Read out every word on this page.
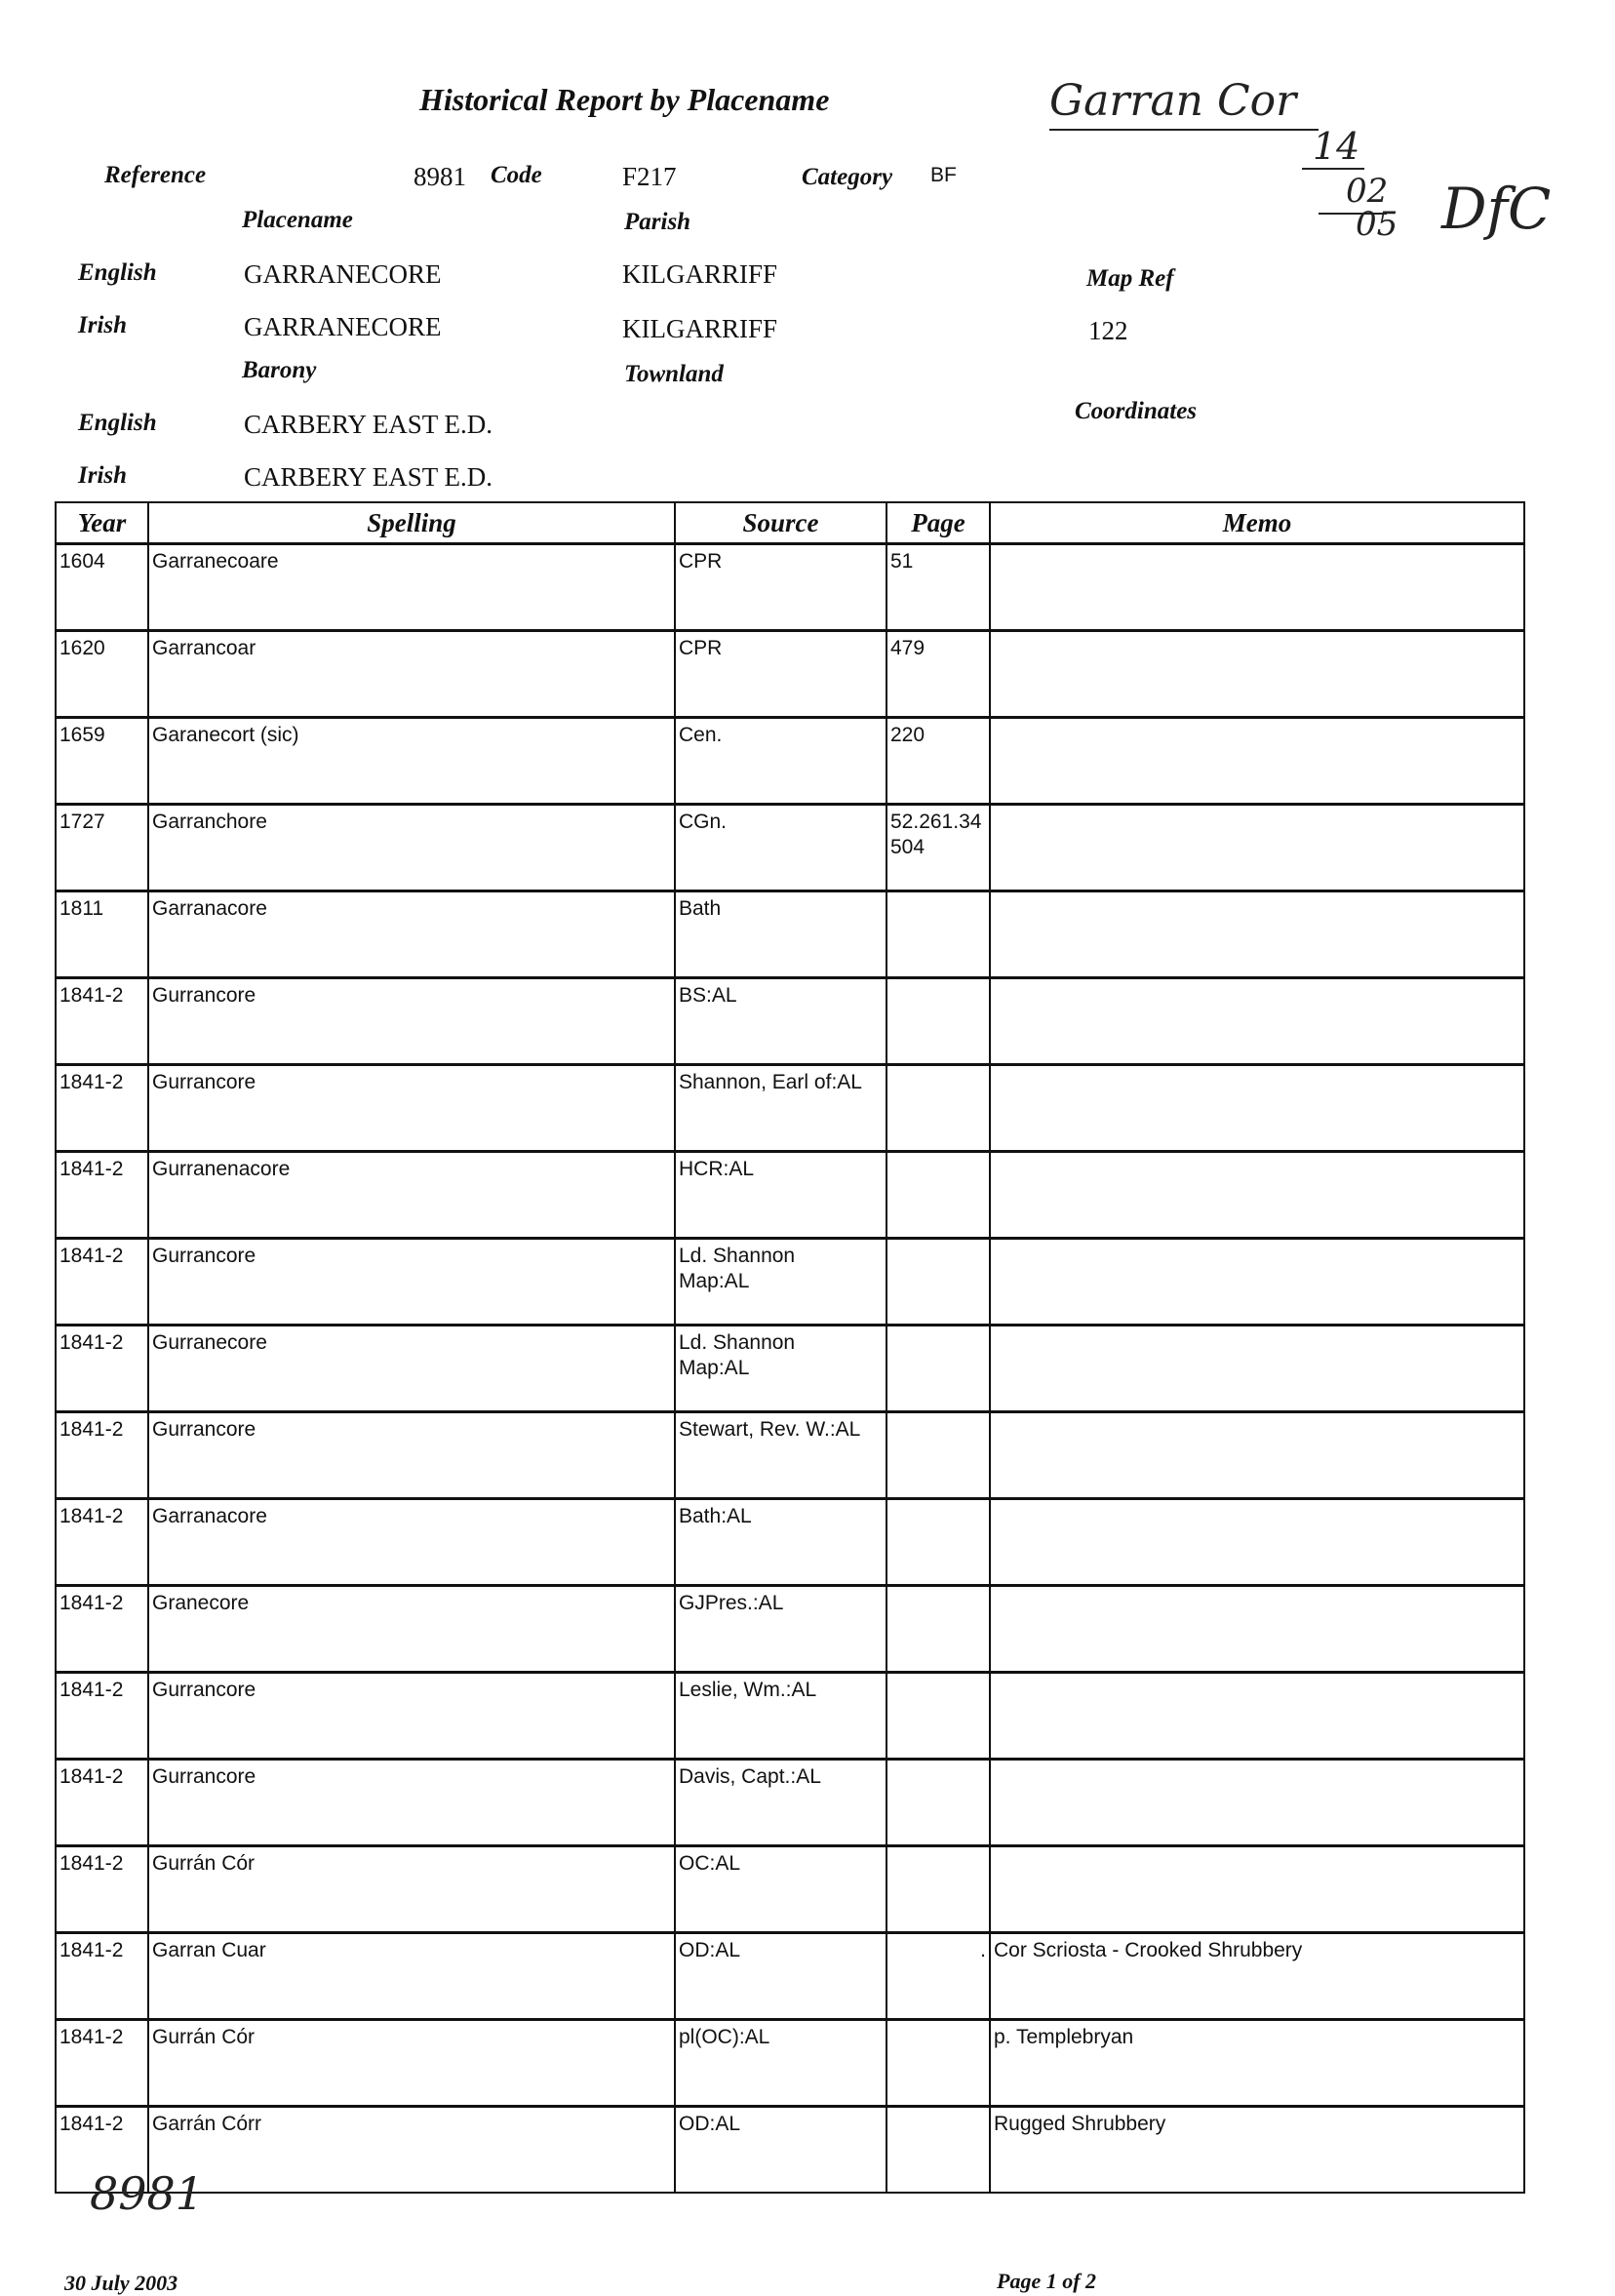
Historical Report by Placename	Garran Cor
14
02
05 DfC
Reference	8981 Code	F217	Category BF
Placename	Parish
English	GARRANECORE	KILGARRIFF	Map Ref
Irish	GARRANECORE	KILGARRIFF	122
Barony	Townland
Coordinates
English	CARBERY EAST E.D.
Irish	CARBERY EAST E.D.
Year	Spelling	Source	Page	Memo
1604	Garranecoare	CPR	51	
1620	Garrancoar	CPR	479	
1659	Garanecort (sic)	Cen.	220	
1727	Garranchore	CGn.	52.261.34
504	
1811	Garranacore	Bath		
1841-2	Gurrancore	BS:AL		
1841-2	Gurrancore	Shannon, Earl of:AL		
1841-2	Gurranenacore	HCR:AL		
1841-2	Gurrancore	Ld. Shannon
Map:AL		
1841-2	Gurranecore	Ld. Shannon
Map:AL		
1841-2	Gurrancore	Stewart, Rev. W.:AL		
1841-2	Garranacore	Bath:AL		
1841-2	Granecore	GJPres.:AL		
1841-2	Gurrancore	Leslie, Wm.:AL		
1841-2	Gurrancore	Davis, Capt.:AL		
1841-2	Gurrán Cór	OC:AL		
1841-2	Garran Cuar	OD:AL	.	Cor Scriosta - Crooked Shrubbery
1841-2	Gurrán Cór	pl(OC):AL		p. Templebryan
1841-2	Garrán Córr	OD:AL		Rugged Shrubbery
8981
30 July 2003	Page 1 of 2
